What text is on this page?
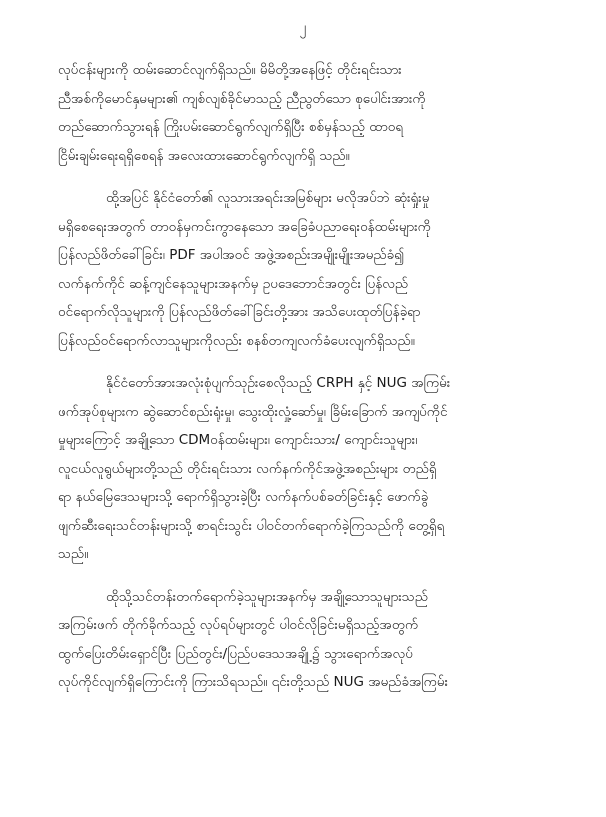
၂

လုပ်ငန်းများကို ထမ်းဆောင်လျက်ရှိသည်။ မိမိတို့အနေဖြင့် တိုင်းရင်းသား
ညီအစ်ကိုမောင်နှမများ၏ ကျစ်လျစ်ခိုင်မာသည့် ညီညွတ်သော စုပေါင်းအားကို
တည်ဆောက်သွားရန် ကြိုးပမ်းဆောင်ရွက်လျက်ရှိပြီး စစ်မှန်သည့် ထာဝရ
ငြိမ်းချမ်းရေးရရှိစေရန် အလေးထားဆောင်ရွက်လျက်ရှိ သည်။

ထို့အပြင် နိုင်ငံတော်၏ လူသားအရင်းအမြစ်များ မလိုအပ်ဘဲ ဆုံးရှုံးမှု
မရှိစေရေးအတွက် တာဝန်မှကင်းကွာနေသော အခြေခံပညာရေးဝန်ထမ်းများကို
ပြန်လည်ဖိတ်ခေါ်ခြင်း၊ PDF အပါအဝင် အဖွဲ့အစည်းအမျိုးမျိုးအမည်ခံ၍
လက်နက်ကိုင် ဆန့်ကျင်နေသူများအနက်မှ ဥပဒေဘောင်အတွင်း ပြန်လည်
ဝင်ရောက်လိုသူများကို ပြန်လည်ဖိတ်ခေါ်ခြင်းတို့အား အသိပေးထုတ်ပြန်ခဲ့ရာ
ပြန်လည်ဝင်ရောက်လာသူများကိုလည်း စနစ်တကျလက်ခံပေးလျက်ရှိသည်။

နိုင်ငံတော်အားအလုံးစုံပျက်သုဉ်းစေလိုသည့် CRPH နှင့် NUG အကြမ်း
ဖက်အုပ်စုများက ဆွဲဆောင်စည်းရုံးမှု၊ သွေးထိုးလှုံ့ဆော်မှု၊ ခြိမ်းခြောက် အကျပ်ကိုင်
မှုများကြောင့် အချို့သော CDMဝန်ထမ်းများ၊ ကျောင်းသား/ ကျောင်းသူများ၊
လူငယ်လူရွယ်များတို့သည် တိုင်းရင်းသား လက်နက်ကိုင်အဖွဲ့အစည်းများ တည်ရှိ
ရာ နယ်မြေဒေသများသို့ ရောက်ရှိသွားခဲ့ပြီး လက်နက်ပစ်ခတ်ခြင်းနှင့် ဖောက်ခွဲ
ဖျက်ဆီးရေးသင်တန်းများသို့ စာရင်းသွင်း ပါဝင်တက်ရောက်ခဲ့ကြသည်ကို တွေ့ရှိရ
သည်။

ထိုသို့သင်တန်းတက်ရောက်ခဲ့သူများအနက်မှ အချို့သောသူများသည်
အကြမ်းဖက် တိုက်ခိုက်သည့် လုပ်ရပ်များတွင် ပါဝင်လိုခြင်းမရှိသည့်အတွက်
ထွက်ပြေးတိမ်းရှောင်ပြီး ပြည်တွင်း/ပြည်ပဒေသအချို့၌ သွားရောက်အလုပ်
လုပ်ကိုင်လျက်ရှိကြောင်းကို ကြားသိရသည်။ ၎င်းတို့သည် NUG အမည်ခံအကြမ်း
